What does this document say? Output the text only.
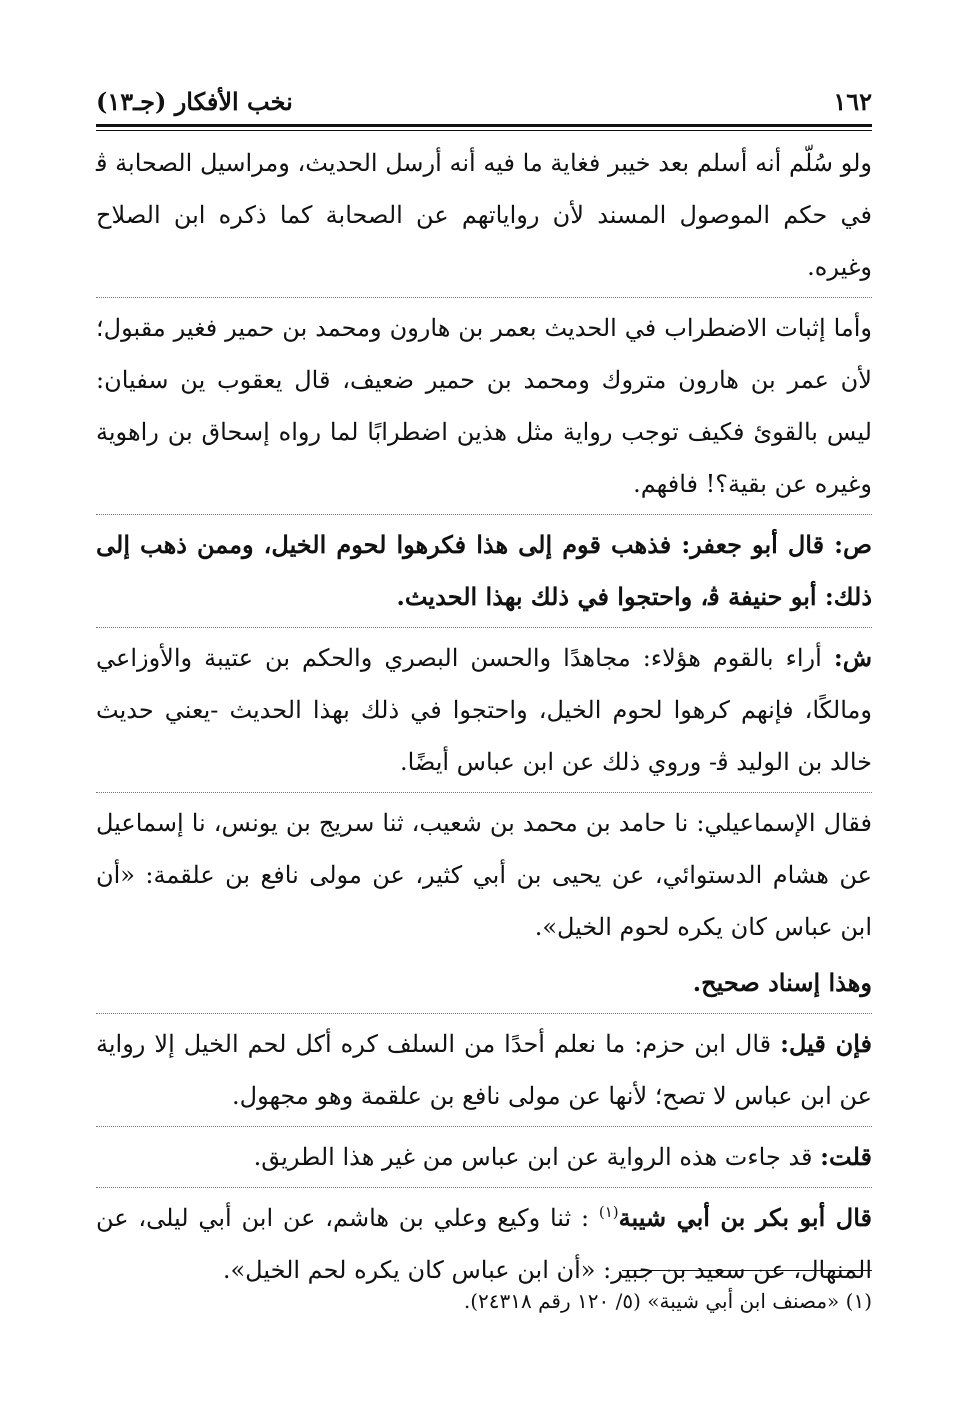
١٦٢
نخب الأفكار (جـ١٣)

ولو سُلّم أنه أسلم بعد خيبر فغاية ما فيه أنه أرسل الحديث، ومراسيل الصحابة ﭬ في حكم الموصول المسند لأن رواياتهم عن الصحابة كما ذكره ابن الصلاح وغيره.

وأما إثبات الاضطراب في الحديث بعمر بن هارون ومحمد بن حمير فغير مقبول؛ لأن عمر بن هارون متروك ومحمد بن حمير ضعيف، قال يعقوب ين سفيان: ليس بالقوئ فكيف توجب رواية مثل هذين اضطرابًا لما رواه إسحاق بن راهوية وغيره عن بقية؟! فافهم.

ص: قال أبو جعفر: فذهب قوم إلى هذا فكرهوا لحوم الخيل، وممن ذهب إلى ذلك: أبو حنيفة ﭬ، واحتجوا في ذلك بهذا الحديث.

ش: أراء بالقوم هؤلاء: مجاهدًا والحسن البصري والحكم بن عتيبة والأوزاعي ومالكًا، فإنهم كرهوا لحوم الخيل، واحتجوا في ذلك بهذا الحديث -يعني حديث خالد بن الوليد ﭬ- وروي ذلك عن ابن عباس أيضًا.

فقال الإسماعيلي: نا حامد بن محمد بن شعيب، ثنا سريج بن يونس، نا إسماعيل عن هشام الدستوائي، عن يحيى بن أبي كثير، عن مولى نافع بن علقمة: «أن ابن عباس كان يكره لحوم الخيل».

وهذا إسناد صحيح.

فإن قيل: قال ابن حزم: ما نعلم أحدًا من السلف كره أكل لحم الخيل إلا رواية عن ابن عباس لا تصح؛ لأنها عن مولى نافع بن علقمة وهو مجهول.

قلت: قد جاءت هذه الرواية عن ابن عباس من غير هذا الطريق.

قال أبو بكر بن أبي شيبة$^{(١)}$ : ثنا وكيع وعلي بن هاشم، عن ابن أبي ليلى، عن المنهال، عن سعيد بن جبير: «أن ابن عباس كان يكره لحم الخيل».

(١) «مصنف ابن أبي شيبة» (٥/ ١٢٠ رقم ٢٤٣١٨).
